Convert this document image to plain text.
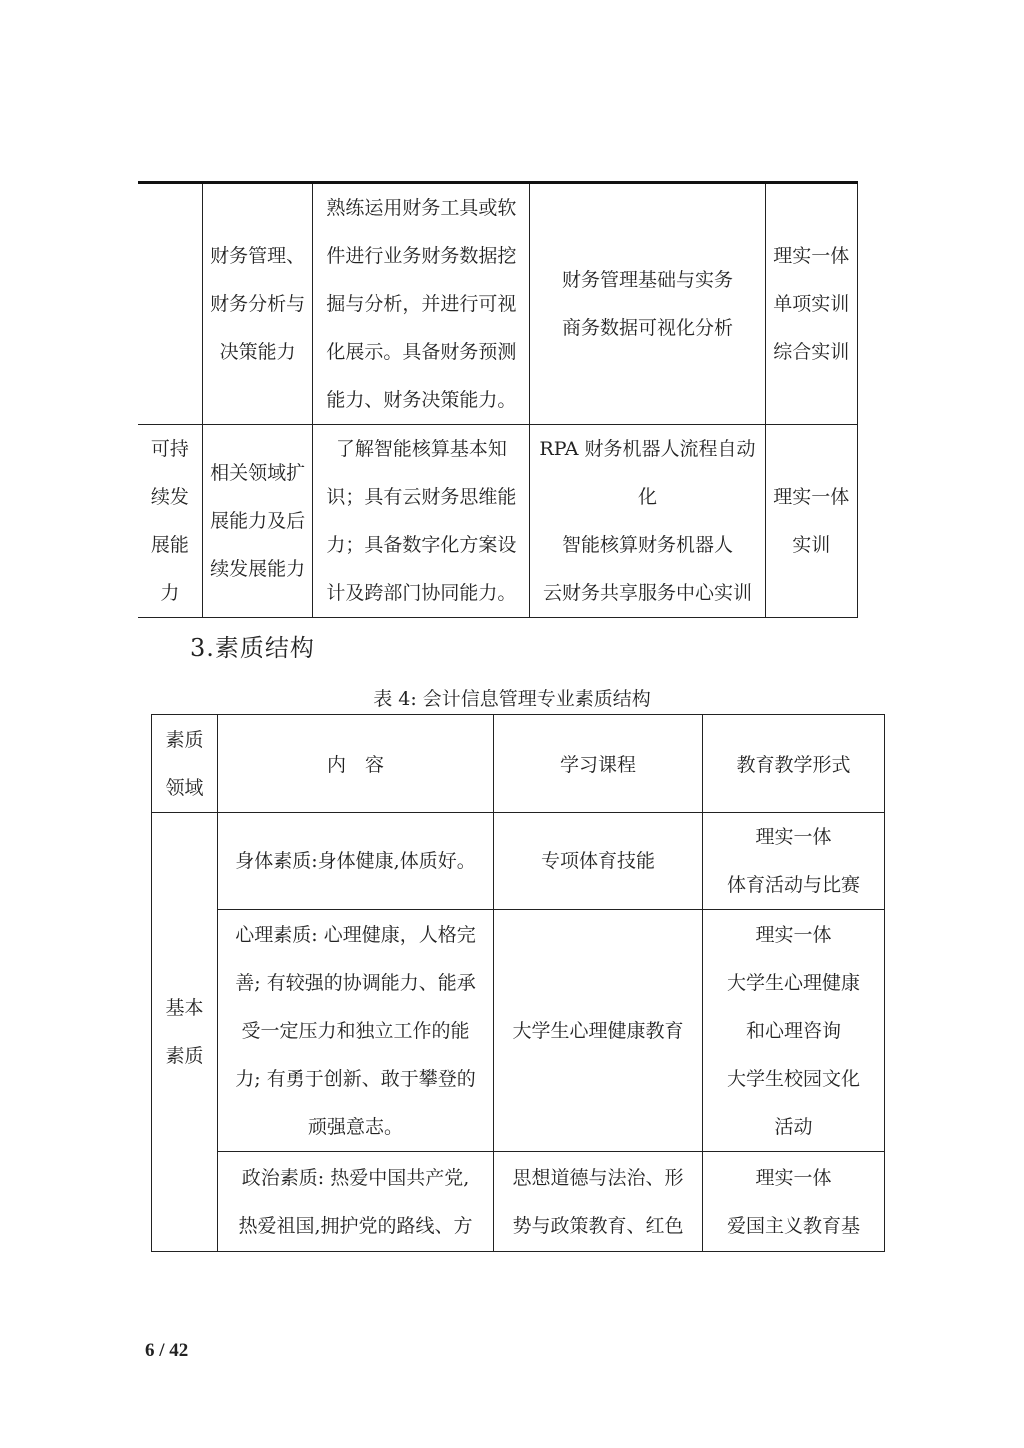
	财务管理、
财务分析与
决策能力	熟练运用财务工具或软
件进行业务财务数据挖
掘与分析，并进行可视
化展示。具备财务预测
能力、财务决策能力。	财务管理基础与实务
商务数据可视化分析	理实一体
单项实训
综合实训

可持
续发
展能
力	相关领域扩
展能力及后
续发展能力	了解智能核算基本知
识；具有云财务思维能
力；具备数字化方案设
计及跨部门协同能力。	RPA 财务机器人流程自动
化
智能核算财务机器人
云财务共享服务中心实训	理实一体
实训
3.素质结构
表 4: 会计信息管理专业素质结构
素质
领域	内　容	学习课程	教育教学形式

基本
素质	身体素质:身体健康,体质好。	专项体育技能	理实一体
体育活动与比赛

	心理素质: 心理健康，人格完
善; 有较强的协调能力、能承
受一定压力和独立工作的能
力; 有勇于创新、敢于攀登的
顽强意志。	大学生心理健康教育	理实一体
大学生心理健康
和心理咨询
大学生校园文化
活动

	政治素质: 热爱中国共产党,
热爱祖国,拥护党的路线、方	思想道德与法治、形
势与政策教育、红色	理实一体
爱国主义教育基
6 / 42
